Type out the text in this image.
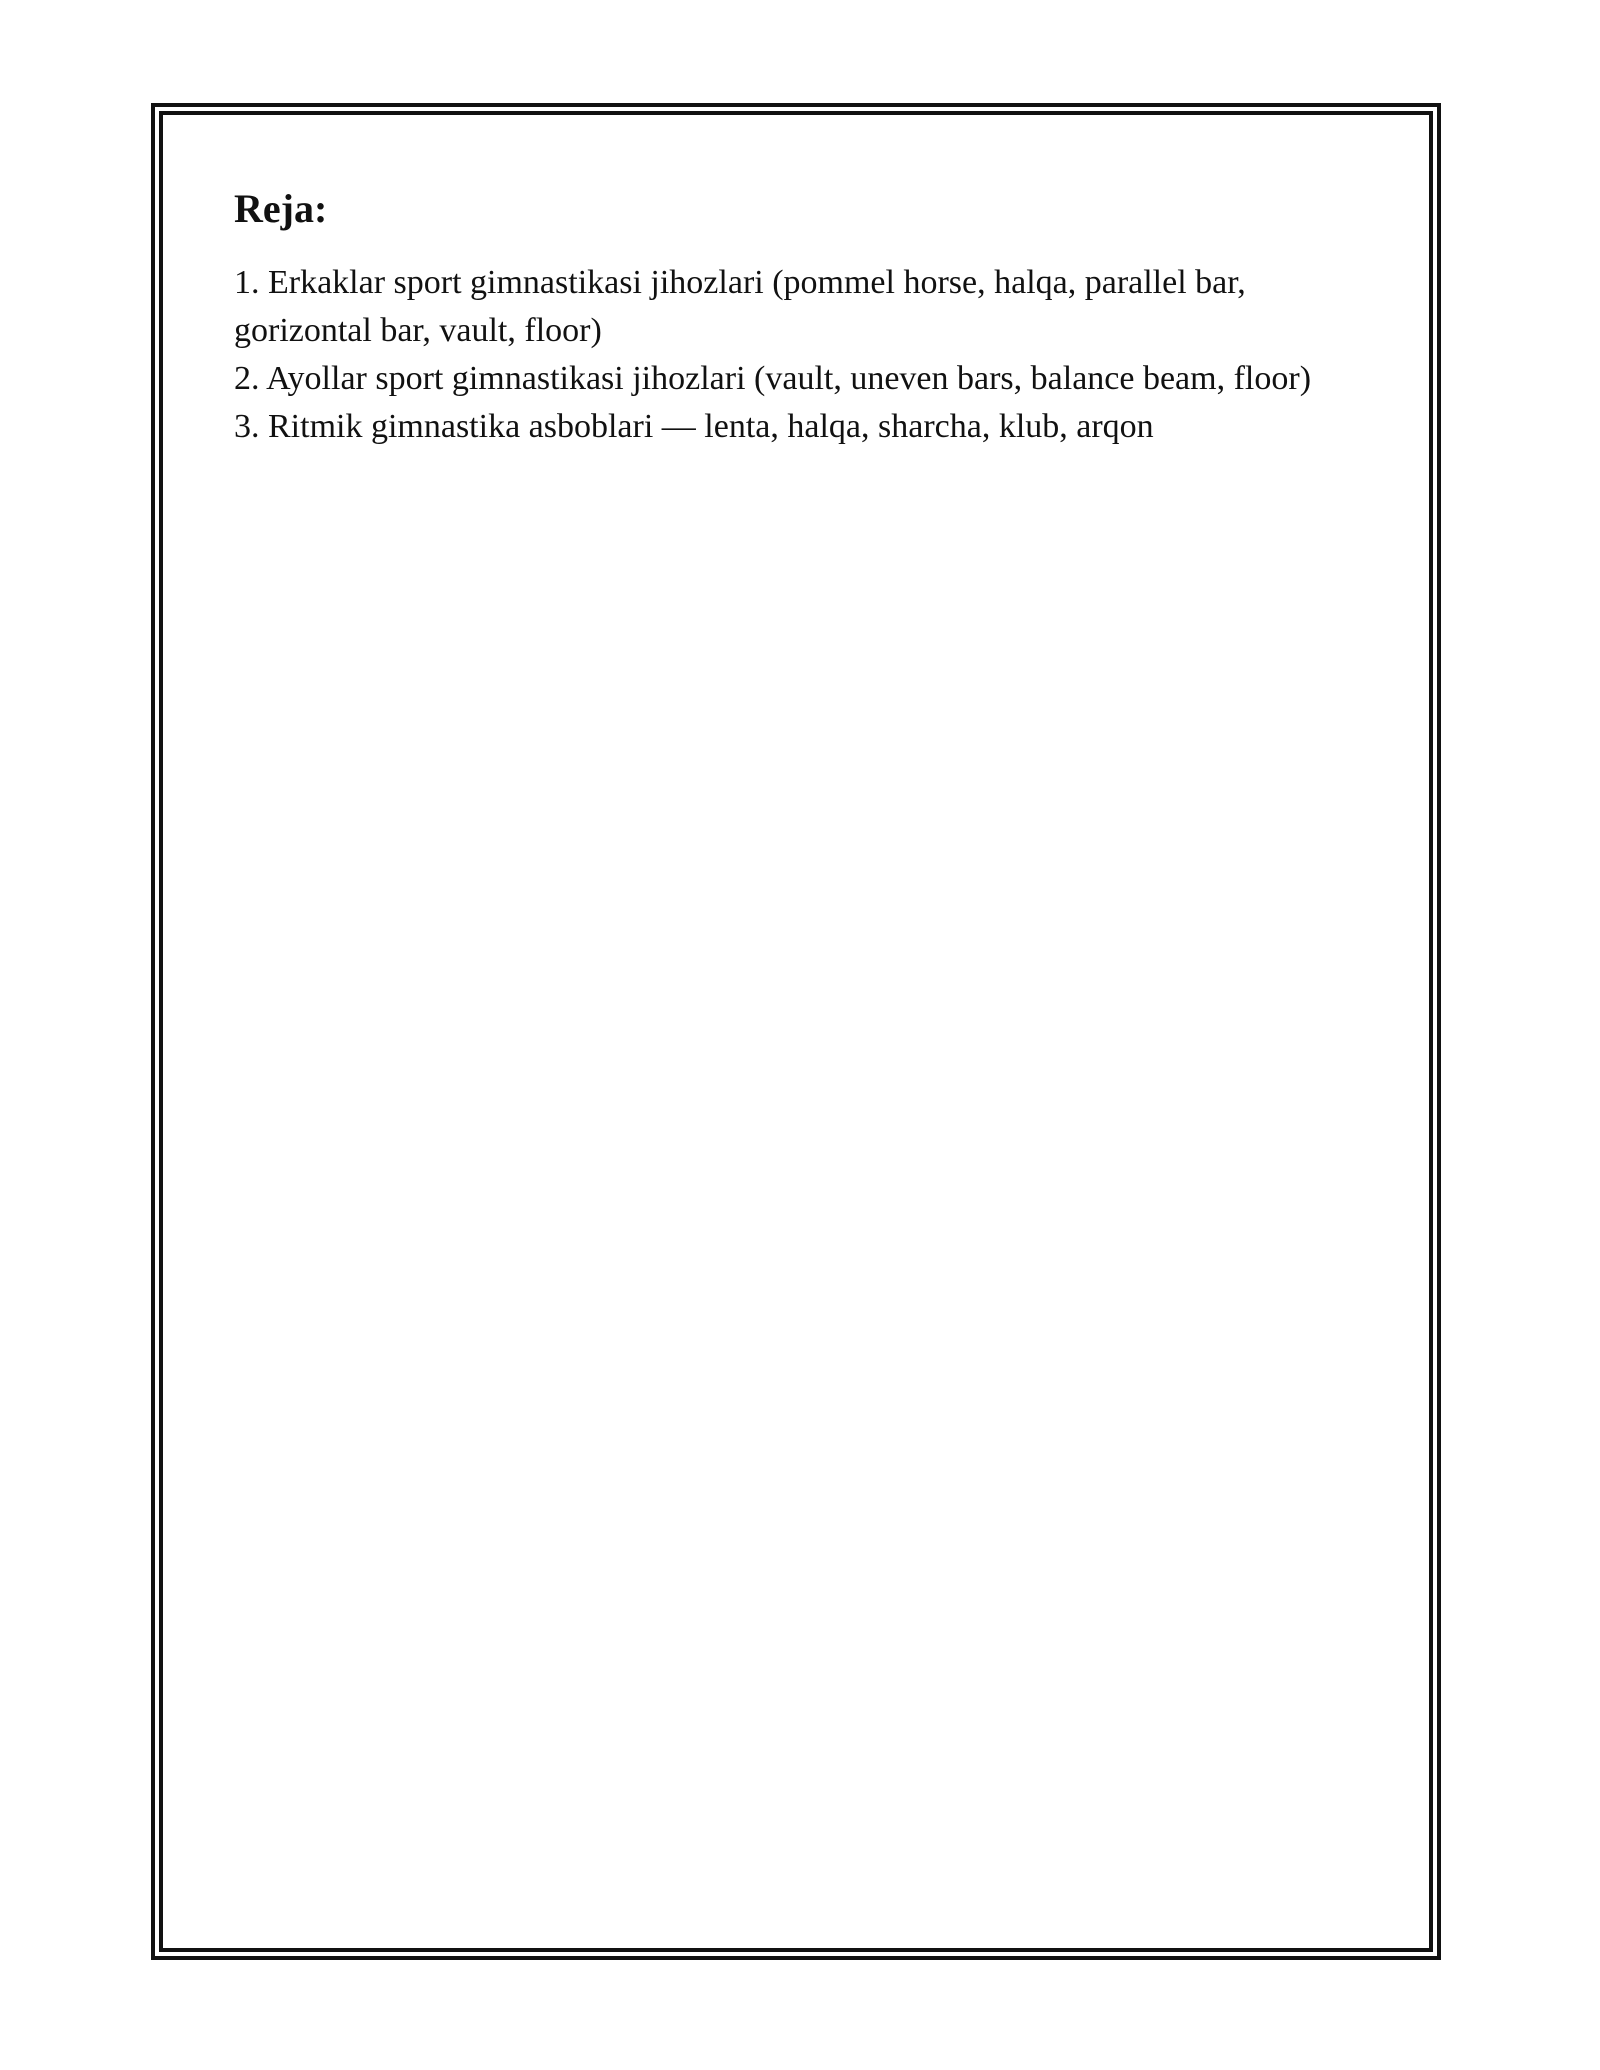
Reja:
1. Erkaklar sport gimnastikasi jihozlari (pommel horse, halqa, parallel bar, gorizontal bar, vault, floor)
2. Ayollar sport gimnastikasi jihozlari (vault, uneven bars, balance beam, floor)
3. Ritmik gimnastika asboblari — lenta, halqa, sharcha, klub, arqon
